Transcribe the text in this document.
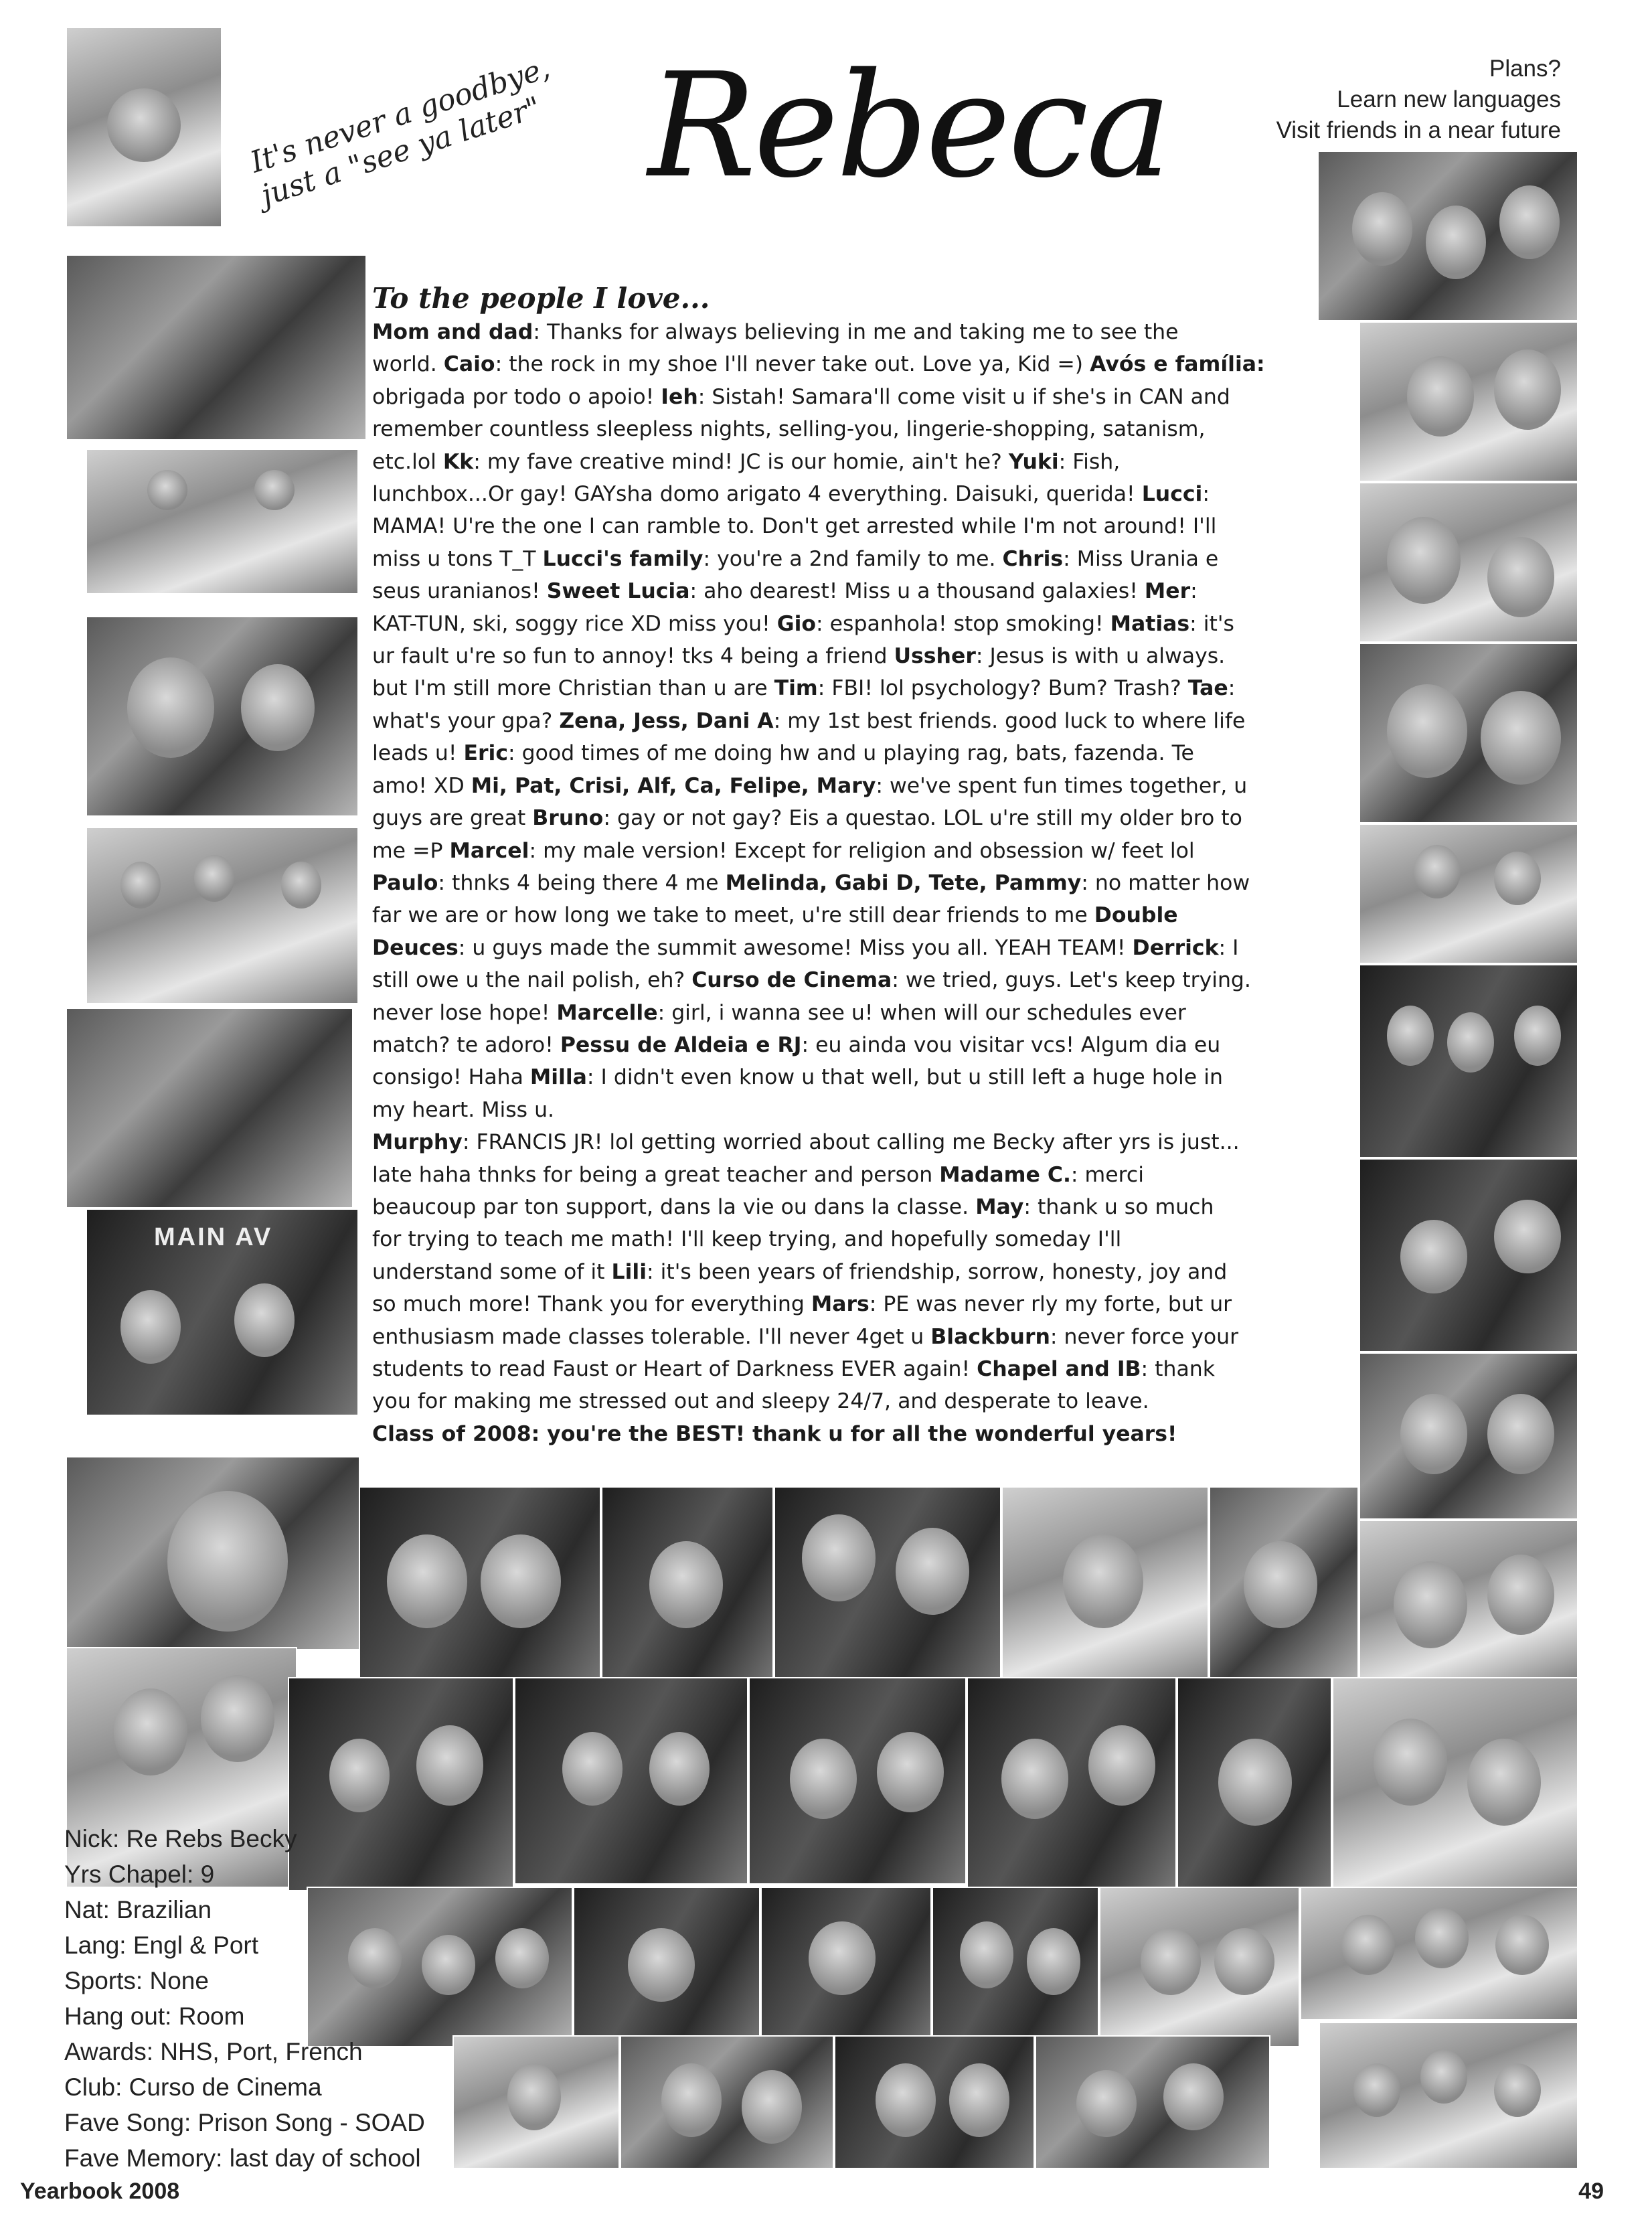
MAIN AV
It's never a goodbye, just a "see ya later" Rebeca	Plans?
Learn new languages
Visit friends in a near future
To the people I love...
Mom and dad: Thanks for always believing in me and taking me to see the
world. Caio: the rock in my shoe I'll never take out. Love ya, Kid =) Avós e família:
obrigada por todo o apoio! Ieh: Sistah! Samara'll come visit u if she's in CAN and
remember countless sleepless nights, selling-you, lingerie-shopping, satanism,
etc.lol Kk: my fave creative mind! JC is our homie, ain't he? Yuki: Fish,
lunchbox...Or gay! GAYsha domo arigato 4 everything. Daisuki, querida! Lucci:
MAMA! U're the one I can ramble to. Don't get arrested while I'm not around! I'll
miss u tons T_T Lucci's family: you're a 2nd family to me. Chris: Miss Urania e
seus uranianos! Sweet Lucia: aho dearest! Miss u a thousand galaxies! Mer:
KAT-TUN, ski, soggy rice XD miss you! Gio: espanhola! stop smoking! Matias: it's
ur fault u're so fun to annoy! tks 4 being a friend Ussher: Jesus is with u always.
but I'm still more Christian than u are Tim: FBI! lol psychology? Bum? Trash? Tae:
what's your gpa? Zena, Jess, Dani A: my 1st best friends. good luck to where life
leads u! Eric: good times of me doing hw and u playing rag, bats, fazenda. Te
amo! XD Mi, Pat, Crisi, Alf, Ca, Felipe, Mary: we've spent fun times together, u
guys are great Bruno: gay or not gay? Eis a questao. LOL u're still my older bro to
me =P Marcel: my male version! Except for religion and obsession w/ feet lol
Paulo: thnks 4 being there 4 me Melinda, Gabi D, Tete, Pammy: no matter how
far we are or how long we take to meet, u're still dear friends to me Double
Deuces: u guys made the summit awesome! Miss you all. YEAH TEAM! Derrick: I
still owe u the nail polish, eh? Curso de Cinema: we tried, guys. Let's keep trying.
never lose hope! Marcelle: girl, i wanna see u! when will our schedules ever
match? te adoro! Pessu de Aldeia e RJ: eu ainda vou visitar vcs! Algum dia eu
consigo! Haha Milla: I didn't even know u that well, but u still left a huge hole in
my heart. Miss u.
Murphy: FRANCIS JR! lol getting worried about calling me Becky after yrs is just...
late haha thnks for being a great teacher and person Madame C.: merci
beaucoup par ton support, dans la vie ou dans la classe. May: thank u so much
for trying to teach me math! I'll keep trying, and hopefully someday I'll
understand some of it Lili: it's been years of friendship, sorrow, honesty, joy and
so much more! Thank you for everything Mars: PE was never rly my forte, but ur
enthusiasm made classes tolerable. I'll never 4get u Blackburn: never force your
students to read Faust or Heart of Darkness EVER again! Chapel and IB: thank
you for making me stressed out and sleepy 24/7, and desperate to leave.
Class of 2008: you're the BEST! thank u for all the wonderful years!
Nick: Re Rebs Becky
Yrs Chapel: 9
Nat: Brazilian
Lang: Engl & Port
Sports: None
Hang out: Room
Awards: NHS, Port, French
Club: Curso de Cinema
Fave Song: Prison Song - SOAD
Fave Memory: last day of school
Yearbook 2008	49
